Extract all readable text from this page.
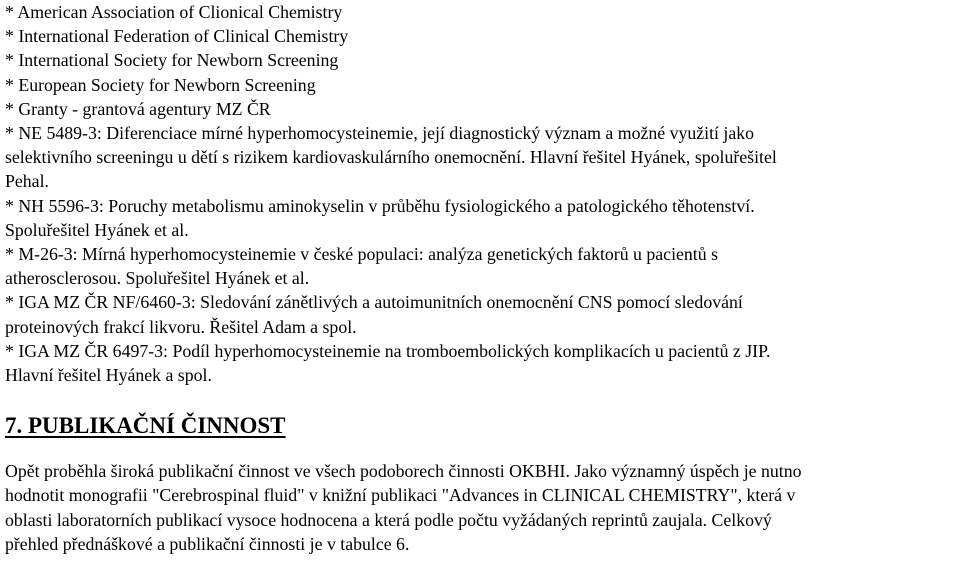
* American Association of Clionical Chemistry
* International Federation of Clinical Chemistry
* International Society for Newborn Screening
* European Society for Newborn Screening
* Granty - grantová agentury MZ ČR
* NE 5489-3: Diferenciace mírné hyperhomocysteinemie, její diagnostický význam a možné využití jako
selektivního screeningu u dětí s rizikem kardiovaskulárního onemocnění. Hlavní řešitel Hyánek, spoluřešitel
Pehal.
* NH 5596-3: Poruchy metabolismu aminokyselin v průběhu fysiologického a patologického těhotenství.
Spoluřešitel Hyánek et al.
* M-26-3: Mírná hyperhomocysteinemie v české populaci: analýza genetických faktorů u pacientů s
atherosclerosou. Spoluřešitel Hyánek et al.
* IGA MZ ČR NF/6460-3: Sledování zánětlivých a autoimunitních onemocnění CNS pomocí sledování
proteinových frakcí likvoru. Řešitel Adam a spol.
* IGA MZ ČR 6497-3: Podíl hyperhomocysteinemie na tromboembolických komplikacích u pacientů z JIP.
Hlavní řešitel Hyánek a spol.
7. PUBLIKAČNÍ ČINNOST
Opět proběhla široká publikační činnost ve všech podoborech činnosti OKBHI. Jako významný úspěch je nutno
hodnotit monografii "Cerebrospinal fluid" v knižní publikaci "Advances in CLINICAL CHEMISTRY", která v
oblasti laboratorních publikací vysoce hodnocena a která podle počtu vyžádaných reprintů zaujala. Celkový
přehled přednáškové a publikační činnosti je v tabulce 6.
